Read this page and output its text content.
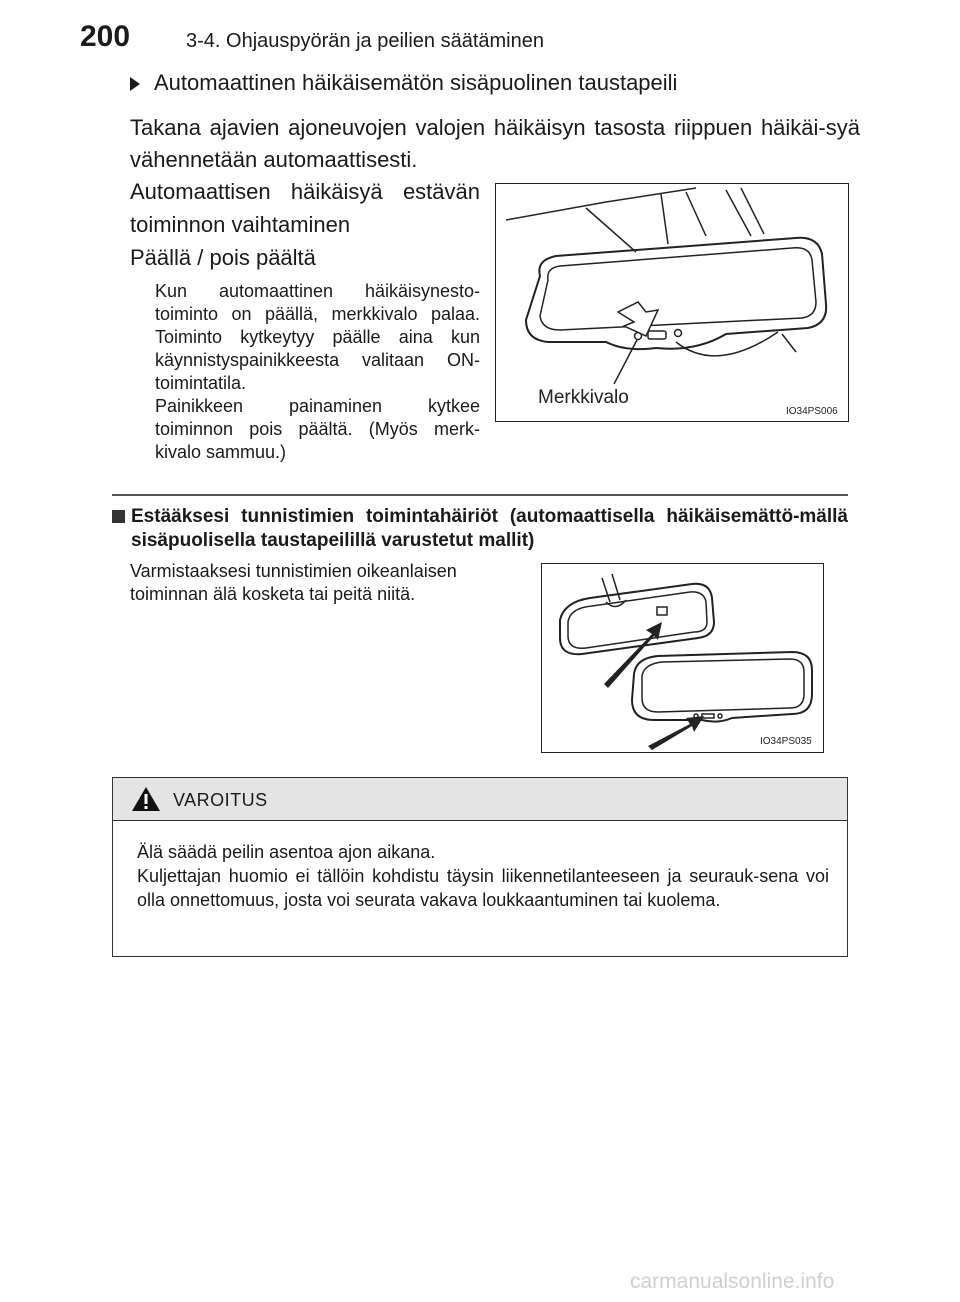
200	3-4. Ohjauspyörän ja peilien säätäminen
Automaattinen häikäisemätön sisäpuolinen taustapeili
Takana ajavien ajoneuvojen valojen häikäisyn tasosta riippuen häikäi-syä vähennetään automaattisesti.
Automaattisen häikäisyä estävän toiminnon vaihtaminen
Päällä / pois päältä

Kun automaattinen häikäisynesto-toiminto on päällä, merkkivalo palaa. Toiminto kytkeytyy päälle aina kun käynnistyspainikkeesta valitaan ON-toimintatila.

Painikkeen painaminen kytkee toiminnon pois päältä. (Myös merk-kivalo sammuu.)

Merkkivalo
IO34PS006
Estääksesi tunnistimien toimintahäiriöt (automaattisella häikäisemättö-mällä sisäpuolisella taustapeilillä varustetut mallit)
Varmistaaksesi tunnistimien oikeanlaisen toiminnan älä kosketa tai peitä niitä.
IO34PS035
VAROITUS

Älä säädä peilin asentoa ajon aikana.

Kuljettajan huomio ei tällöin kohdistu täysin liikennetilanteeseen ja seurauk-sena voi olla onnettomuus, josta voi seurata vakava loukkaantuminen tai kuolema.

carmanualsonline.info
